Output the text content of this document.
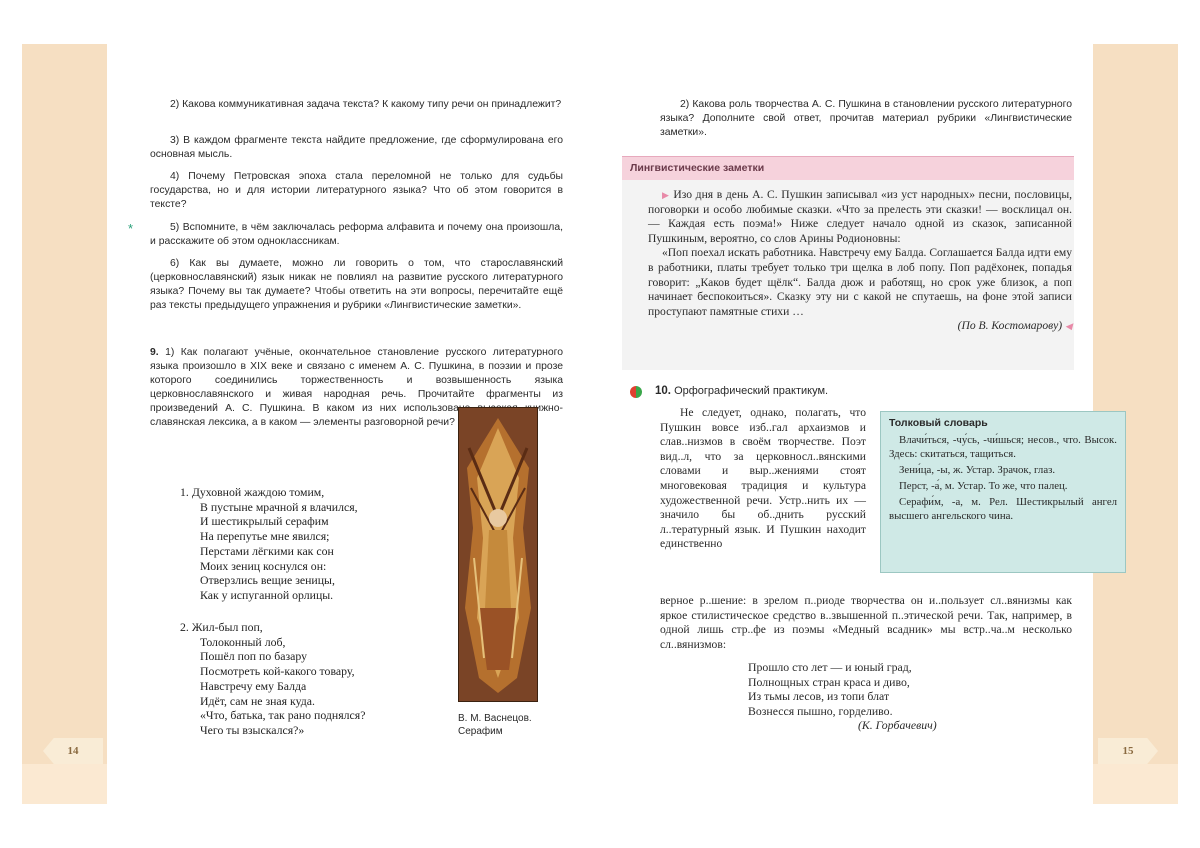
14	15
2) Какова коммуникативная задача текста? К какому типу речи он принадлежит?
3) В каждом фрагменте текста найдите предложение, где сформулирована его основная мысль.
4) Почему Петровская эпоха стала переломной не только для судьбы государства, но и для истории литературного языка? Что об этом говорится в тексте?
*	5) Вспомните, в чём заключалась реформа алфавита и почему она произошла, и расскажите об этом одноклассникам.
6) Как вы думаете, можно ли говорить о том, что старославянский (церковнославянский) язык никак не повлиял на развитие русского литературного языка? Почему вы так думаете? Чтобы ответить на эти вопросы, перечитайте ещё раз тексты предыдущего упражнения и рубрики «Лингвистические заметки».
9. 1) Как полагают учёные, окончательное становление русского литературного языка произошло в XIX веке и связано с именем А. С. Пушкина, в поэзии и прозе которого соединились торжественность и возвышенность языка церковнославянского и живая народная речь. Прочитайте фрагменты из произведений А. С. Пушкина. В каком из них использована высокая книжно-славянская лексика, а в каком — элементы разговорной речи?
1. Духовной жаждою томим,
В пустыне мрачной я влачился,
И шестикрылый серафим
На перепутье мне явился;
Перстами лёгкими как сон
Моих зениц коснулся он:
Отверзлись вещие зеницы,
Как у испуганной орлицы.
2. Жил-был поп,
Толоконный лоб,
Пошёл поп по базару
Посмотреть кой-какого товару,
Навстречу ему Балда
Идёт, сам не зная куда.
«Что, батька, так рано поднялся?
Чего ты взыскался?»
В. М. Васнецов.
Серафим
2) Какова роль творчества А. С. Пушкина в становлении русского литературного языка? Дополните свой ответ, прочитав материал рубрики «Лингвистические заметки».
Лингвистические заметки

▶ Изо дня в день А. С. Пушкин записывал «из уст народных» песни, пословицы, поговорки и особо любимые сказки. «Что за прелесть эти сказки! — восклицал он. — Каждая есть поэма!» Ниже следует начало одной из сказок, записанной Пушкиным, вероятно, со слов Арины Родионовны:

«Поп поехал искать работника. Навстречу ему Балда. Соглашается Балда идти ему в работники, платы требует только три щелка в лоб попу. Поп радёхонек, попадья говорит: „Каков будет щёлк“. Балда дюж и работящ, но срок уже близок, а поп начинает беспокоиться». Сказку эту ни с какой не спутаешь, на фоне этой записи проступают памятные стихи …

(По В. Костомарову) ◀

10. Орфографический практикум.
Не следует, однако, полагать, что Пушкин вовсе изб..гал архаизмов и слав..низмов в своём творчестве. Поэт вид..л, что за церковносл..вянскими словами и выр..жениями стоят многовековая традиция и культура художественной речи. Устр..нить их — значило бы об..днить русский л..тературный язык. И Пушкин находит единственно
Толковый словарь

Влачи́ться, -чу́сь, -чи́шься; несов., что. Высок. Здесь: скитаться, тащиться.

Зени́ца, -ы, ж. Устар. Зрачок, глаз.

Перст, -а́, м. Устар. То же, что палец.

Серафи́м, -а, м. Рел. Шестикрылый ангел высшего ангельского чина.

верное р..шение: в зрелом п..риоде творчества он и..пользует сл..вянизмы как яркое стилистическое средство в..звышенной п..этической речи. Так, например, в одной лишь стр..фе из поэмы «Медный всадник» мы встр..ча..м несколько сл..вянизмов:
Прошло сто лет — и юный град,
Полнощных стран краса и диво,
Из тьмы лесов, из топи блат
Вознесся пышно, горделиво.
(К. Горбачевич)
